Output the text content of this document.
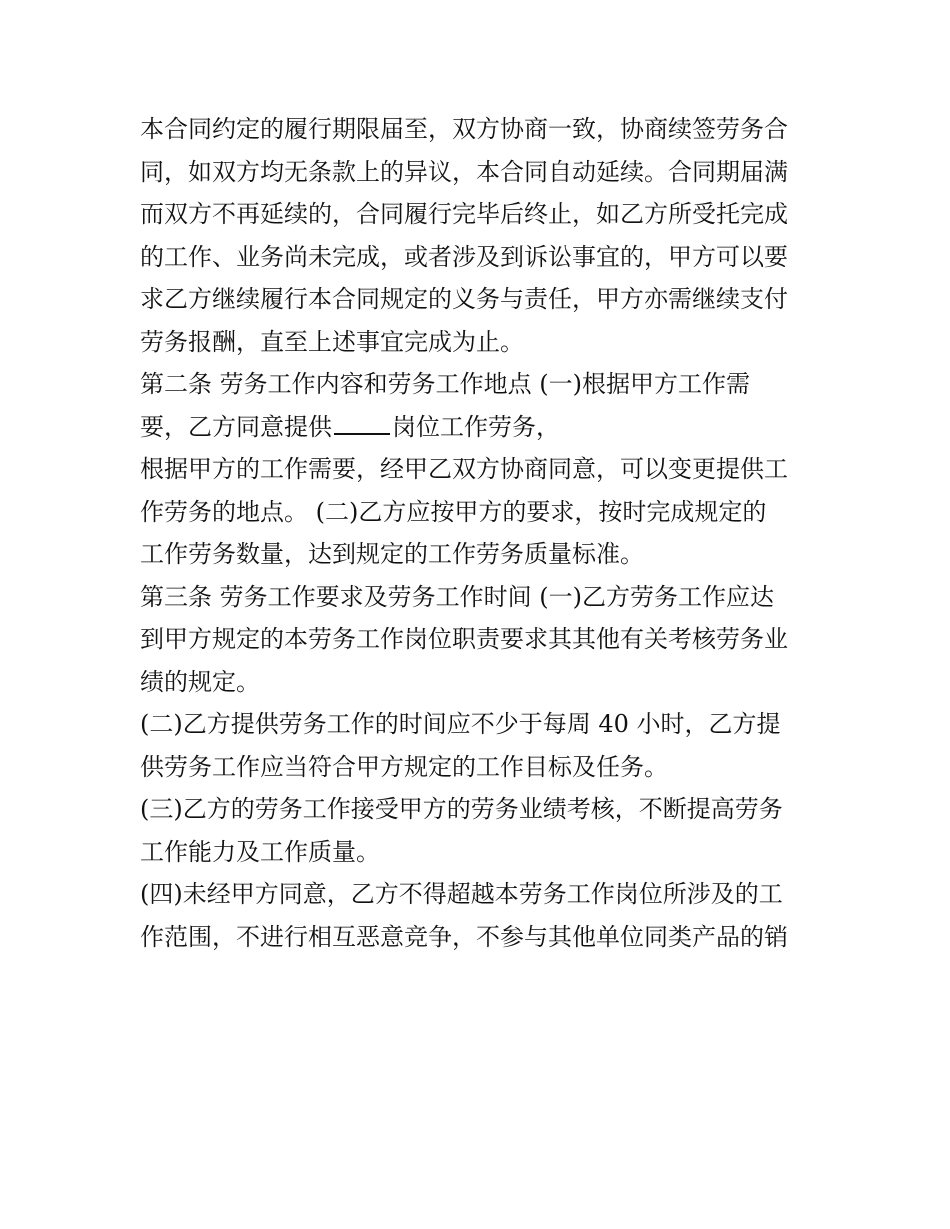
本合同约定的履行期限届至，双方协商一致，协商续签劳务合
同，如双方均无条款上的异议，本合同自动延续。合同期届满
而双方不再延续的，合同履行完毕后终止，如乙方所受托完成
的工作、业务尚未完成，或者涉及到诉讼事宜的，甲方可以要
求乙方继续履行本合同规定的义务与责任，甲方亦需继续支付
劳务报酬，直至上述事宜完成为止。
第二条 劳务工作内容和劳务工作地点 (一)根据甲方工作需
要，乙方同意提供	岗位工作劳务，
根据甲方的工作需要，经甲乙双方协商同意，可以变更提供工
作劳务的地点。 (二)乙方应按甲方的要求，按时完成规定的
工作劳务数量，达到规定的工作劳务质量标准。
第三条 劳务工作要求及劳务工作时间 (一)乙方劳务工作应达
到甲方规定的本劳务工作岗位职责要求其其他有关考核劳务业
绩的规定。
(二)乙方提供劳务工作的时间应不少于每周 40 小时，乙方提
供劳务工作应当符合甲方规定的工作目标及任务。
(三)乙方的劳务工作接受甲方的劳务业绩考核，不断提高劳务
工作能力及工作质量。
(四)未经甲方同意，乙方不得超越本劳务工作岗位所涉及的工
作范围，不进行相互恶意竞争，不参与其他单位同类产品的销
